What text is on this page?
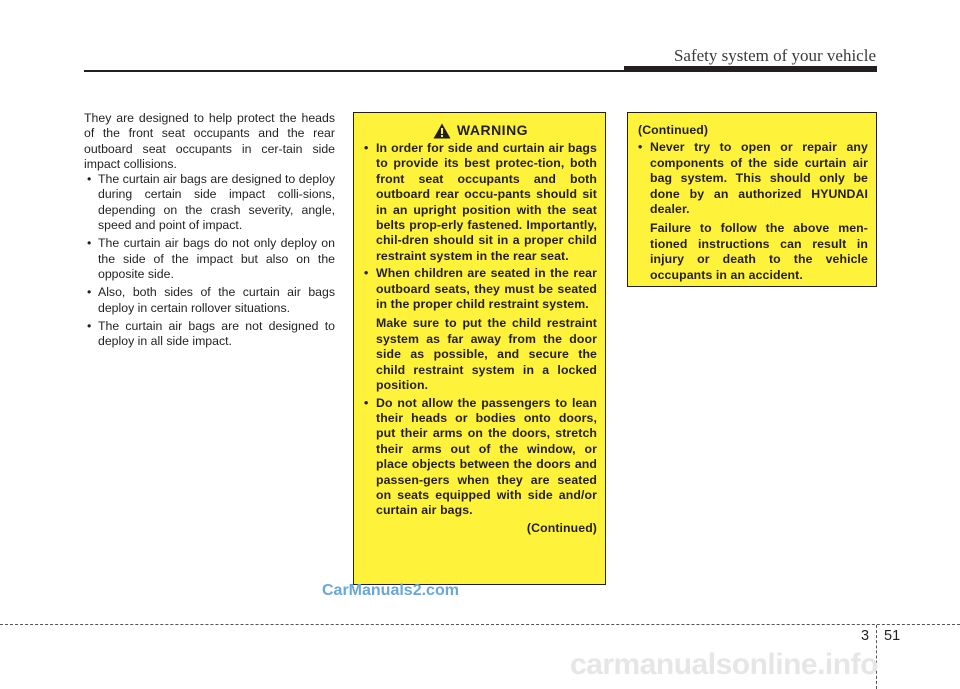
Safety system of your vehicle

They are designed to help protect the heads of the front seat occupants and the rear outboard seat occupants in cer-tain side impact collisions.

• The curtain air bags are designed to deploy during certain side impact colli-sions, depending on the crash severity, angle, speed and point of impact.
• The curtain air bags do not only deploy on the side of the impact but also on the opposite side.
• Also, both sides of the curtain air bags deploy in certain rollover situations.
• The curtain air bags are not designed to deploy in all side impact.
WARNING
• In order for side and curtain air bags to provide its best protec-tion, both front seat occupants and both outboard rear occu-pants should sit in an upright position with the seat belts prop-erly fastened. Importantly, chil-dren should sit in a proper child restraint system in the rear seat.

• When children are seated in the rear outboard seats, they must be seated in the proper child restraint system.

Make sure to put the child restraint system as far away from the door side as possible, and secure the child restraint system in a locked position.

• Do not allow the passengers to lean their heads or bodies onto doors, put their arms on the doors, stretch their arms out of the window, or place objects between the doors and passen-gers when they are seated on seats equipped with side and/or curtain air bags.

(Continued)
(Continued)
• Never try to open or repair any components of the side curtain air bag system. This should only be done by an authorized HYUNDAI dealer.

Failure to follow the above men-tioned instructions can result in injury or death to the vehicle occupants in an accident.

CarManuals2.com
3 51
carmanualsonline.info
